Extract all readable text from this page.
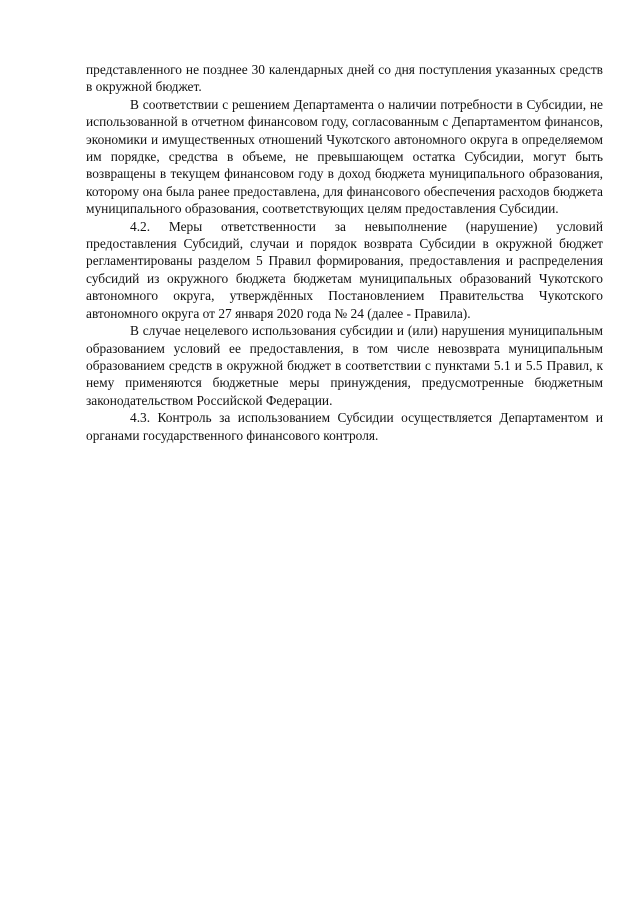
представленного не позднее 30 календарных дней со дня поступления указанных средств в окружной бюджет.

В соответствии с решением Департамента о наличии потребности в Субсидии, не использованной в отчетном финансовом году, согласованным с Департаментом финансов, экономики и имущественных отношений Чукотского автономного округа в определяемом им порядке, средства в объеме, не превышающем остатка Субсидии, могут быть возвращены в текущем финансовом году в доход бюджета муниципального образования, которому она была ранее предоставлена, для финансового обеспечения расходов бюджета муниципального образования, соответствующих целям предоставления Субсидии.

4.2. Меры ответственности за невыполнение (нарушение) условий предоставления Субсидий, случаи и порядок возврата Субсидии в окружной бюджет регламентированы разделом 5 Правил формирования, предоставления и распределения субсидий из окружного бюджета бюджетам муниципальных образований Чукотского автономного округа, утверждённых Постановлением Правительства Чукотского автономного округа от 27 января 2020 года № 24 (далее - Правила).

В случае нецелевого использования субсидии и (или) нарушения муниципальным образованием условий ее предоставления, в том числе невозврата муниципальным образованием средств в окружной бюджет в соответствии с пунктами 5.1 и 5.5 Правил, к нему применяются бюджетные меры принуждения, предусмотренные бюджетным законодательством Российской Федерации.

4.3. Контроль за использованием Субсидии осуществляется Департаментом и органами государственного финансового контроля.
